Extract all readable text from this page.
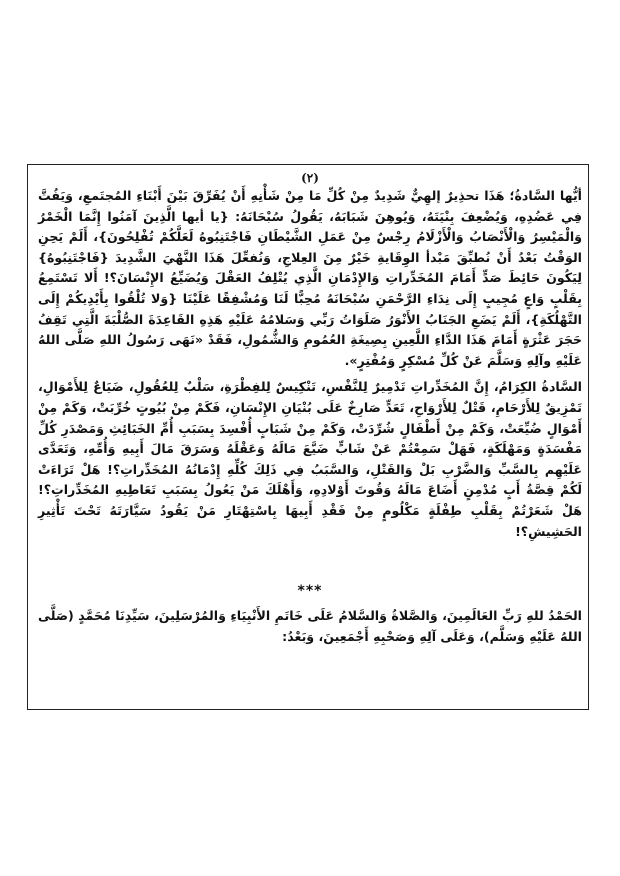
(٢)

أيُّها السَّادةُ؛ هَذَا تحذِيرٌ إلهِيٌّ شَدِيدٌ مِنْ كُلِّ مَا مِنْ شَأْنِهِ أَنْ يُفَرِّقَ بَيْنَ أَبْنَاءِ المُجتَمعِ، وَيَفُتَّ فِي عَضُدِهِ، وَيُضْعِفَ بِنْيَتَهُ، وَيُوهِنَ شَبَابَهُ، يَقُولُ سُبْحَانَهُ: {يا أيها الَّذِينَ آمَنُوا إِنَّمَا الْخَمْرُ وَالْمَيْسِرُ وَالْأَنْصَابُ وَالْأَزْلَامُ رِجْسٌ مِنْ عَمَلِ الشَّيْطَانِ فَاجْتَنِبُوهُ لَعَلَّكُمْ تُفْلِحُونَ}، أَلَمْ يَحِنِ الوَقْتُ بَعْدُ أَنْ نُطبِّقَ مَبْدأ الوِقَايةِ خَيْرٌ مِنَ العِلاجِ، وَنُفعِّلَ هَذَا النَّهْيَ الشَّدِيدَ {فَاجْتَنِبُوهُ} لِيَكُونَ حَائِطَ صَدٍّ أَمَامَ المُخَدِّراتِ وَالإِدْمَانِ الَّذِي يُتْلِفُ العَقْلَ وَيُضَيِّعُ الإِنْسَانَ؟! أَلا تَسْتَمِعُ بِقَلْبٍ وَاعٍ مُجِيبٍ إِلَى نِدَاءِ الرَّحْمَنِ سُبْحَانَهُ مُحِبًّا لَنَا وَمُشْفِقًا عَلَيْنَا {وَلا تُلْقُوا بِأَيْدِيكُمْ إِلَى التَّهْلُكَةِ}، أَلَمْ يَضَعِ الجَنَابُ الأَنْوَرُ صَلَوَاتُ رَبِّي وَسَلامُهُ عَلَيْهِ هَذِهِ القَاعِدَةَ الصُّلْبَةَ الَّتِي تَقِفُ حَجَرَ عَثْرَةٍ أَمَامَ هَذَا الدَّاءِ اللَّعِينِ بِصِيغَةِ العُمُومِ وَالشُّمُولِ، فَقَدْ «نَهَى رَسُولُ اللهِ صَلَّى اللهُ عَلَيْهِ وآلِهِ وَسَلَّمَ عَنْ كُلِّ مُسْكِرٍ وَمُفْتِرٍ».

السَّادةُ الكِرَامُ، إِنَّ المُخَدِّراتِ تَدْمِيرٌ لِلنَّفْسِ، تَنْكِيسٌ لِلفِطْرَةِ، سَلْبٌ لِلعُقُولِ، ضَيَاعٌ لِلأَمْوَالِ، تَمْزِيقٌ لِلأَرْحَامِ، قَتْلٌ لِلأَرْوَاحِ، تَعَدٍّ صَارِخٌ عَلَى بُنْيَانِ الإِنْسَانِ، فَكَمْ مِنْ بُيُوتٍ خُرِّبَتْ، وَكَمْ مِنْ أَمْوَالٍ ضُيِّعَتْ، وَكَمْ مِنْ أَطْفَالٍ شُرِّدَتْ، وَكَمْ مِنْ شَبَابٍ أُفْسِدَ بِسَبَبِ أُمِّ الخَبَائِثِ وَمَصْدَرِ كُلِّ مَفْسَدَةٍ وَمَهْلَكَةٍ، فَهَلْ سَمِعْتُمْ عَنْ شَابٍّ ضَيَّعَ مَالَهُ وَعَقْلَهُ وَسَرَقَ مَالَ أَبِيهِ وَأُمِّهِ، وَتَعَدَّى عَلَيْهِم بِالسَّبِّ وَالضَّرْبِ بَلْ وَالقَتْلِ، وَالسَّبَبُ فِي ذَلِكَ كُلِّهِ إِدْمَانُهُ المُخَدِّراتِ؟! هَلْ تَرَاءَتْ لَكُمْ قِصَّةُ أَبٍ مُدْمِنٍ أَضَاعَ مَالَهُ وَقُوتَ أَوْلادِهِ، وَأَهْلَكَ مَنْ يَعُولُ بِسَبَبِ تَعَاطِيهِ المُخَدِّراتِ؟! هَلْ شَعَرْتُمْ بِقَلْبِ طِفْلَةٍ مَكْلُومٍ مِنْ فَقْدِ أَبِيهَا بِاسْتِهْتَارِ مَنْ يَقُودُ سَيَّارَتَهُ تَحْتَ تَأْثِيرِ الحَشِيشِ؟!

***

الحَمْدُ للهِ رَبِّ العَالَمِينَ، وَالصَّلاةُ وَالسَّلامُ عَلَى خَاتَمِ الأَنْبِيَاءِ وَالمُرْسَلِينَ، سَيِّدِنَا مُحَمَّدٍ (صَلَّى اللهُ عَلَيْهِ وَسَلَّم)، وَعَلَى آلِهِ وَصَحْبِهِ أَجْمَعِينَ، وَبَعْدُ:
